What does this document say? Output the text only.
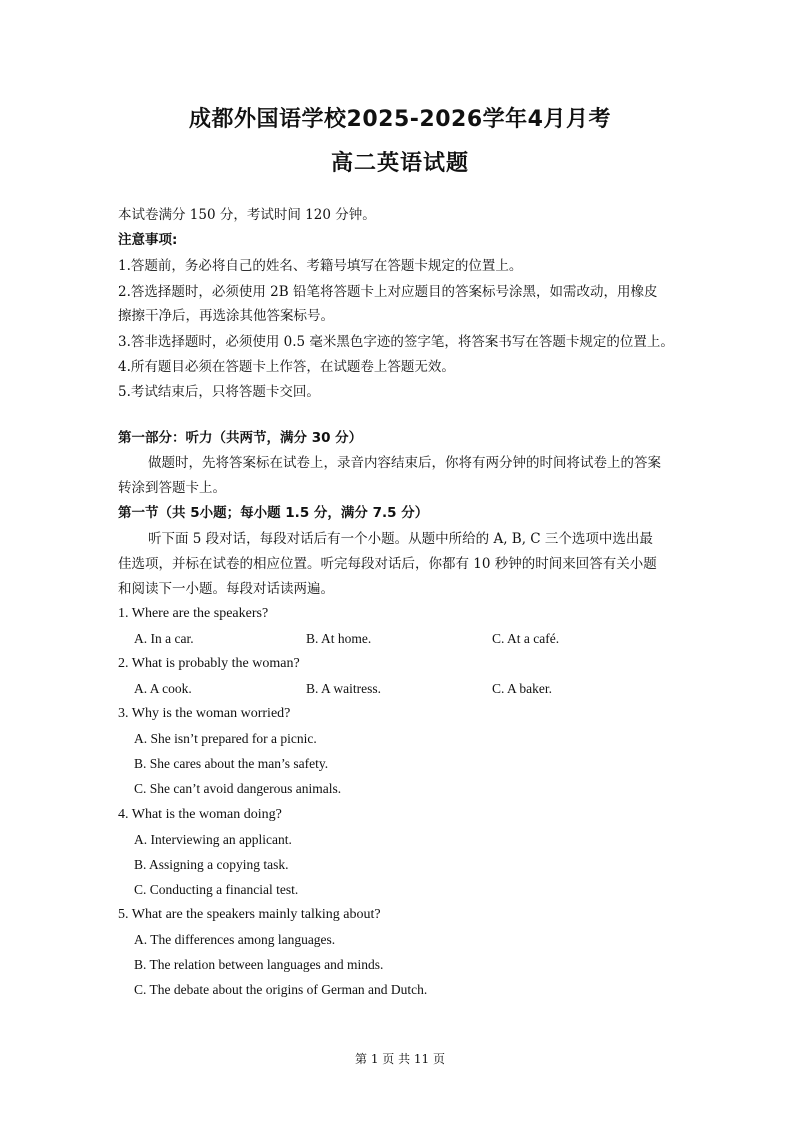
成都外国语学校2025-2026学年4月月考
高二英语试题
本试卷满分 150 分，考试时间 120 分钟。
注意事项:
1.答题前，务必将自己的姓名、考籍号填写在答题卡规定的位置上。
2.答选择题时，必须使用 2B 铅笔将答题卡上对应题目的答案标号涂黑，如需改动，用橡皮
擦擦干净后，再选涂其他答案标号。
3.答非选择题时，必须使用 0.5 毫米黑色字迹的签字笔，将答案书写在答题卡规定的位置上。
4.所有题目必须在答题卡上作答，在试题卷上答题无效。
5.考试结束后，只将答题卡交回。
第一部分：听力（共两节，满分 30 分）
做题时，先将答案标在试卷上，录音内容结束后，你将有两分钟的时间将试卷上的答案
转涂到答题卡上。
第一节（共 5小题；每小题 1.5 分，满分 7.5 分）
听下面 5 段对话，每段对话后有一个小题。从题中所给的 A, B, C 三个选项中选出最
佳选项，并标在试卷的相应位置。听完每段对话后，你都有 10 秒钟的时间来回答有关小题
和阅读下一小题。每段对话读两遍。
1. Where are the speakers?
A. In a car.	B. At home.	C. At a café.
2. What is probably the woman?
A. A cook.	B. A waitress.	C. A baker.
3. Why is the woman worried?
A. She isn’t prepared for a picnic.
B. She cares about the man’s safety.
C. She can’t avoid dangerous animals.
4. What is the woman doing?
A. Interviewing an applicant.
B. Assigning a copying task.
C. Conducting a financial test.
5. What are the speakers mainly talking about?
A. The differences among languages.
B. The relation between languages and minds.
C. The debate about the origins of German and Dutch.
第 1 页 共 11 页
